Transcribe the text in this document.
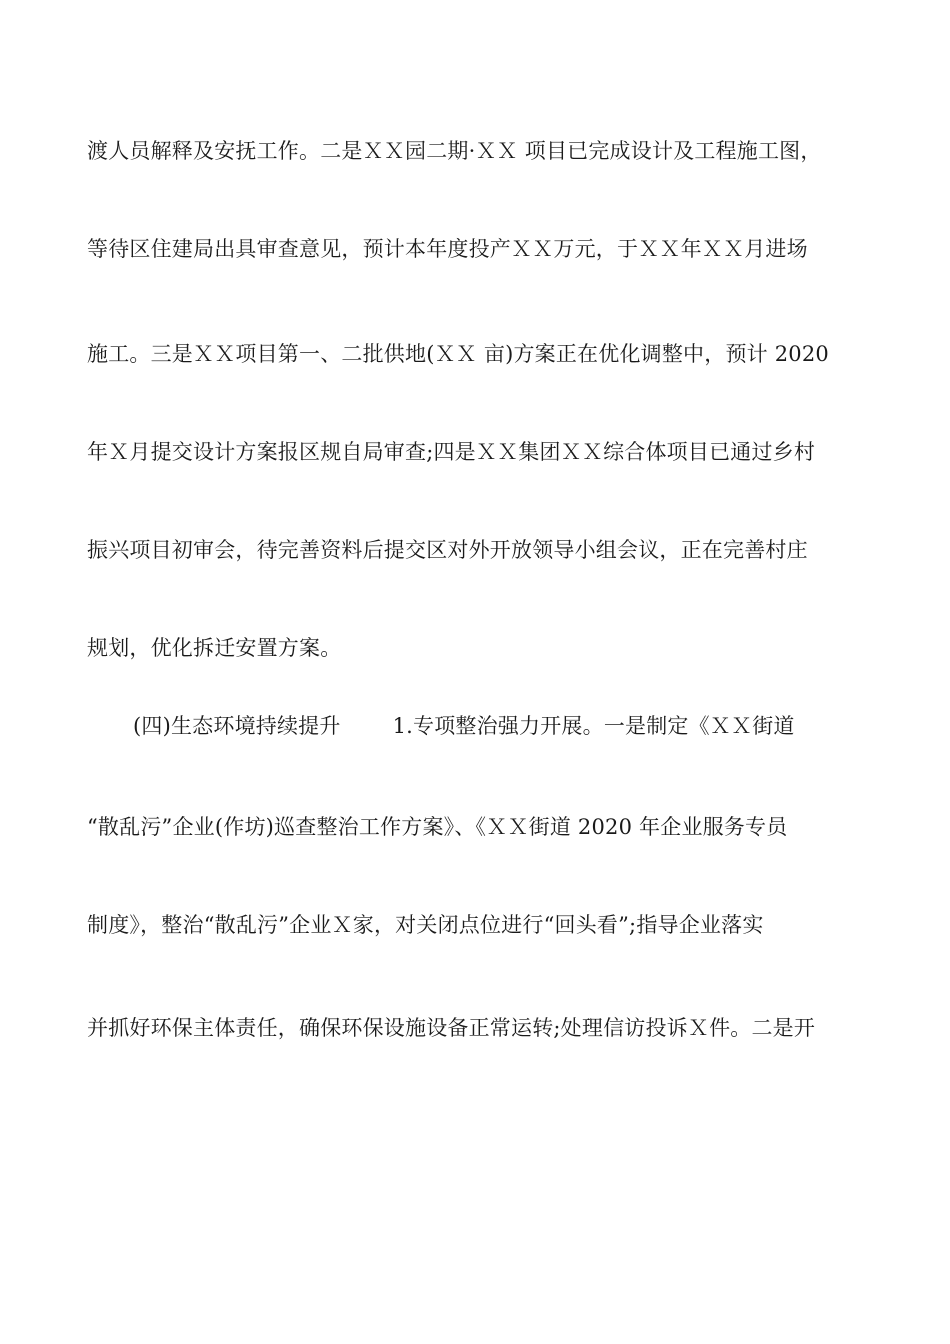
渡人员解释及安抚工作。二是ＸＸ园二期·ＸＸ 项目已完成设计及工程施工图，
等待区住建局出具审查意见，预计本年度投产ＸＸ万元，于ＸＸ年ＸＸ月进场
施工。三是ＸＸ项目第一、二批供地(ＸＸ 亩)方案正在优化调整中，预计 2020
年Ｘ月提交设计方案报区规自局审查;四是ＸＸ集团ＸＸ综合体项目已通过乡村
振兴项目初审会，待完善资料后提交区对外开放领导小组会议，正在完善村庄
规划，优化拆迁安置方案。
(四)生态环境持续提升 1.专项整治强力开展。一是制定《ＸＸ街道
“散乱污”企业(作坊)巡查整治工作方案》、《ＸＸ街道 2020 年企业服务专员
制度》，整治“散乱污”企业Ｘ家，对关闭点位进行“回头看”;指导企业落实
并抓好环保主体责任，确保环保设施设备正常运转;处理信访投诉Ｘ件。二是开
